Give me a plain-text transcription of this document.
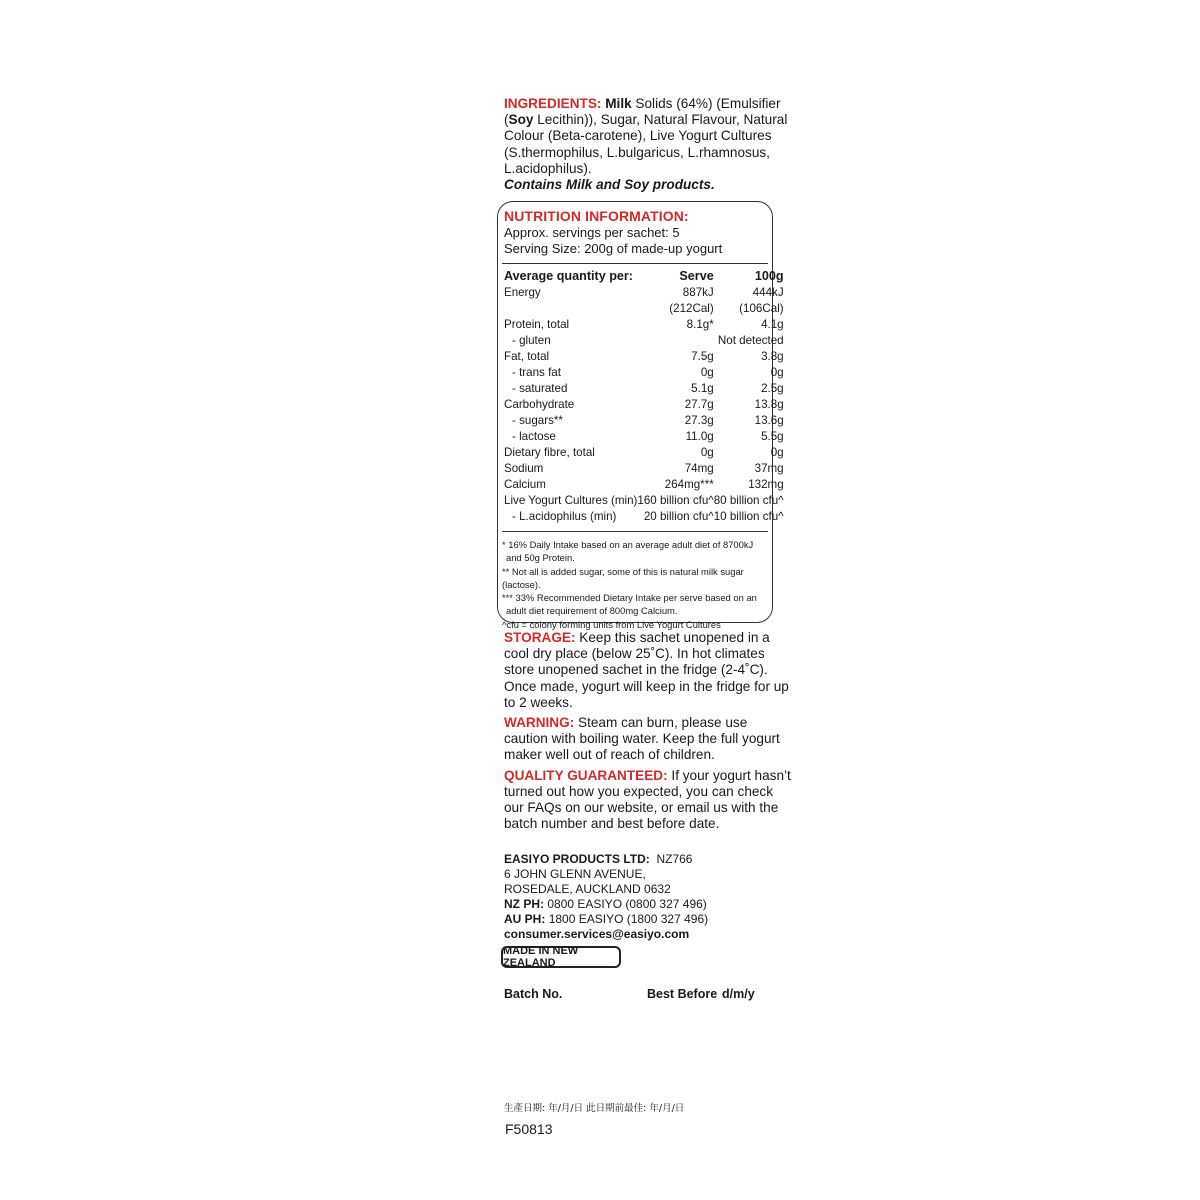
INGREDIENTS: Milk Solids (64%) (Emulsifier (Soy Lecithin)), Sugar, Natural Flavour, Natural Colour (Beta-carotene), Live Yogurt Cultures (S.thermophilus, L.bulgaricus, L.rhamnosus, L.acidophilus).

Contains Milk and Soy products.

NUTRITION INFORMATION:
Approx. servings per sachet: 5
Serving Size: 200g of made-up yogurt
Average quantity per:	Serve	100g
Energy	887kJ	444kJ
	(212Cal)	(106Cal)
Protein, total	8.1g*	4.1g
- gluten		Not detected
Fat, total	7.5g	3.8g
- trans fat	0g	0g
- saturated	5.1g	2.5g
Carbohydrate	27.7g	13.8g
- sugars**	27.3g	13.6g
- lactose	11.0g	5.5g
Dietary fibre, total	0g	0g
Sodium	74mg	37mg
Calcium	264mg***	132mg
Live Yogurt Cultures (min)	160 billion cfu^	80 billion cfu^
- L.acidophilus (min)	20 billion cfu^	10 billion cfu^
* 16% Daily Intake based on an average adult diet of 8700kJ
and 50g Protein.
** Not all is added sugar, some of this is natural milk sugar (lactose).
*** 33% Recommended Dietary Intake per serve based on an
adult diet requirement of 800mg Calcium.
^cfu = colony forming units from Live Yogurt Cultures

STORAGE: Keep this sachet unopened in a cool dry place (below 25˚C). In hot climates store unopened sachet in the fridge (2-4˚C). Once made, yogurt will keep in the fridge for up to 2 weeks.

WARNING: Steam can burn, please use caution with boiling water. Keep the full yogurt maker well out of reach of children.

QUALITY GUARANTEED: If your yogurt hasn’t turned out how you expected, you can check our FAQs on our website, or email us with the batch number and best before date.

EASIYO PRODUCTS LTD: NZ766
6 JOHN GLENN AVENUE,
ROSEDALE, AUCKLAND 0632
NZ PH: 0800 EASIYO (0800 327 496)
AU PH: 1800 EASIYO (1800 327 496)
consumer.services@easiyo.com
MADE IN NEW ZEALAND
Batch No.	Best Before d/m/y
生產日期: 年/月/日 此日期前最佳: 年/月/日
F50813
